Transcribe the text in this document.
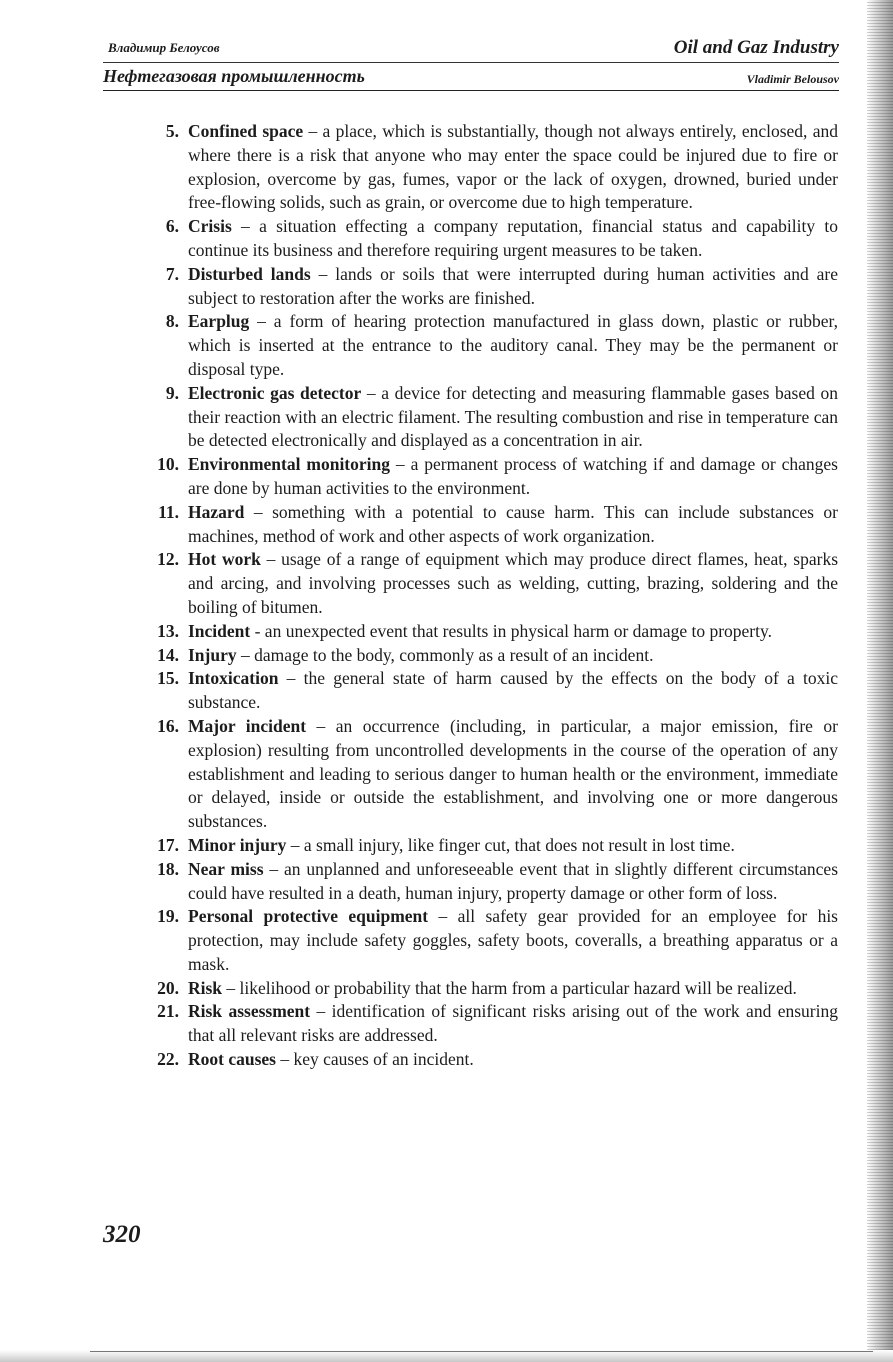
Владимир Белоусов	Oil and Gaz Industry
Нефтегазовая промышленность	Vladimir Belousov
5. Confined space – a place, which is substantially, though not always entirely, enclosed, and where there is a risk that anyone who may enter the space could be injured due to fire or explosion, overcome by gas, fumes, vapor or the lack of oxygen, drowned, buried under free-flowing solids, such as grain, or overcome due to high temperature.
6. Crisis – a situation effecting a company reputation, financial status and capability to continue its business and therefore requiring urgent measures to be taken.
7. Disturbed lands – lands or soils that were interrupted during human activities and are subject to restoration after the works are finished.
8. Earplug – a form of hearing protection manufactured in glass down, plastic or rubber, which is inserted at the entrance to the auditory canal. They may be the permanent or disposal type.
9. Electronic gas detector – a device for detecting and measuring flammable gases based on their reaction with an electric filament. The resulting combustion and rise in temperature can be detected electronically and displayed as a concentration in air.
10. Environmental monitoring – a permanent process of watching if and damage or changes are done by human activities to the environment.
11. Hazard – something with a potential to cause harm. This can include substances or machines, method of work and other aspects of work organization.
12. Hot work – usage of a range of equipment which may produce direct flames, heat, sparks and arcing, and involving processes such as welding, cutting, brazing, soldering and the boiling of bitumen.
13. Incident - an unexpected event that results in physical harm or damage to property.
14. Injury – damage to the body, commonly as a result of an incident.
15. Intoxication – the general state of harm caused by the effects on the body of a toxic substance.
16. Major incident – an occurrence (including, in particular, a major emission, fire or explosion) resulting from uncontrolled developments in the course of the operation of any establishment and leading to serious danger to human health or the environment, immediate or delayed, inside or outside the establishment, and involving one or more dangerous substances.
17. Minor injury – a small injury, like finger cut, that does not result in lost time.
18. Near miss – an unplanned and unforeseeable event that in slightly different circumstances could have resulted in a death, human injury, property damage or other form of loss.
19. Personal protective equipment – all safety gear provided for an employee for his protection, may include safety goggles, safety boots, coveralls, a breathing apparatus or a mask.
20. Risk – likelihood or probability that the harm from a particular hazard will be realized.
21. Risk assessment – identification of significant risks arising out of the work and ensuring that all relevant risks are addressed.
22. Root causes – key causes of an incident.
320
